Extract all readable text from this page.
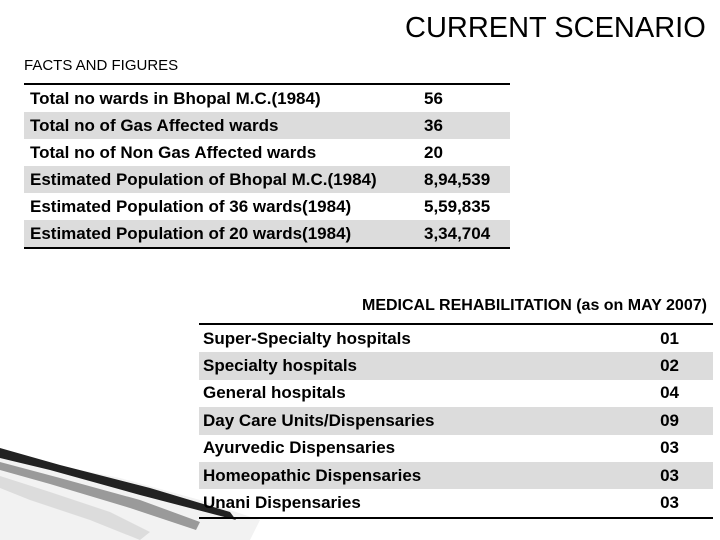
CURRENT SCENARIO
FACTS AND FIGURES
Total no wards in Bhopal M.C.(1984)	56
Total no of Gas Affected wards	36
Total no of Non Gas Affected wards	20
Estimated Population of Bhopal M.C.(1984)	8,94,539
Estimated Population of 36 wards(1984)	5,59,835
Estimated Population of 20 wards(1984)	3,34,704
MEDICAL REHABILITATION (as on MAY 2007)
Super-Specialty hospitals	01
Specialty hospitals	02
General hospitals	04
Day Care Units/Dispensaries	09
Ayurvedic Dispensaries	03
Homeopathic Dispensaries	03
Unani Dispensaries	03
